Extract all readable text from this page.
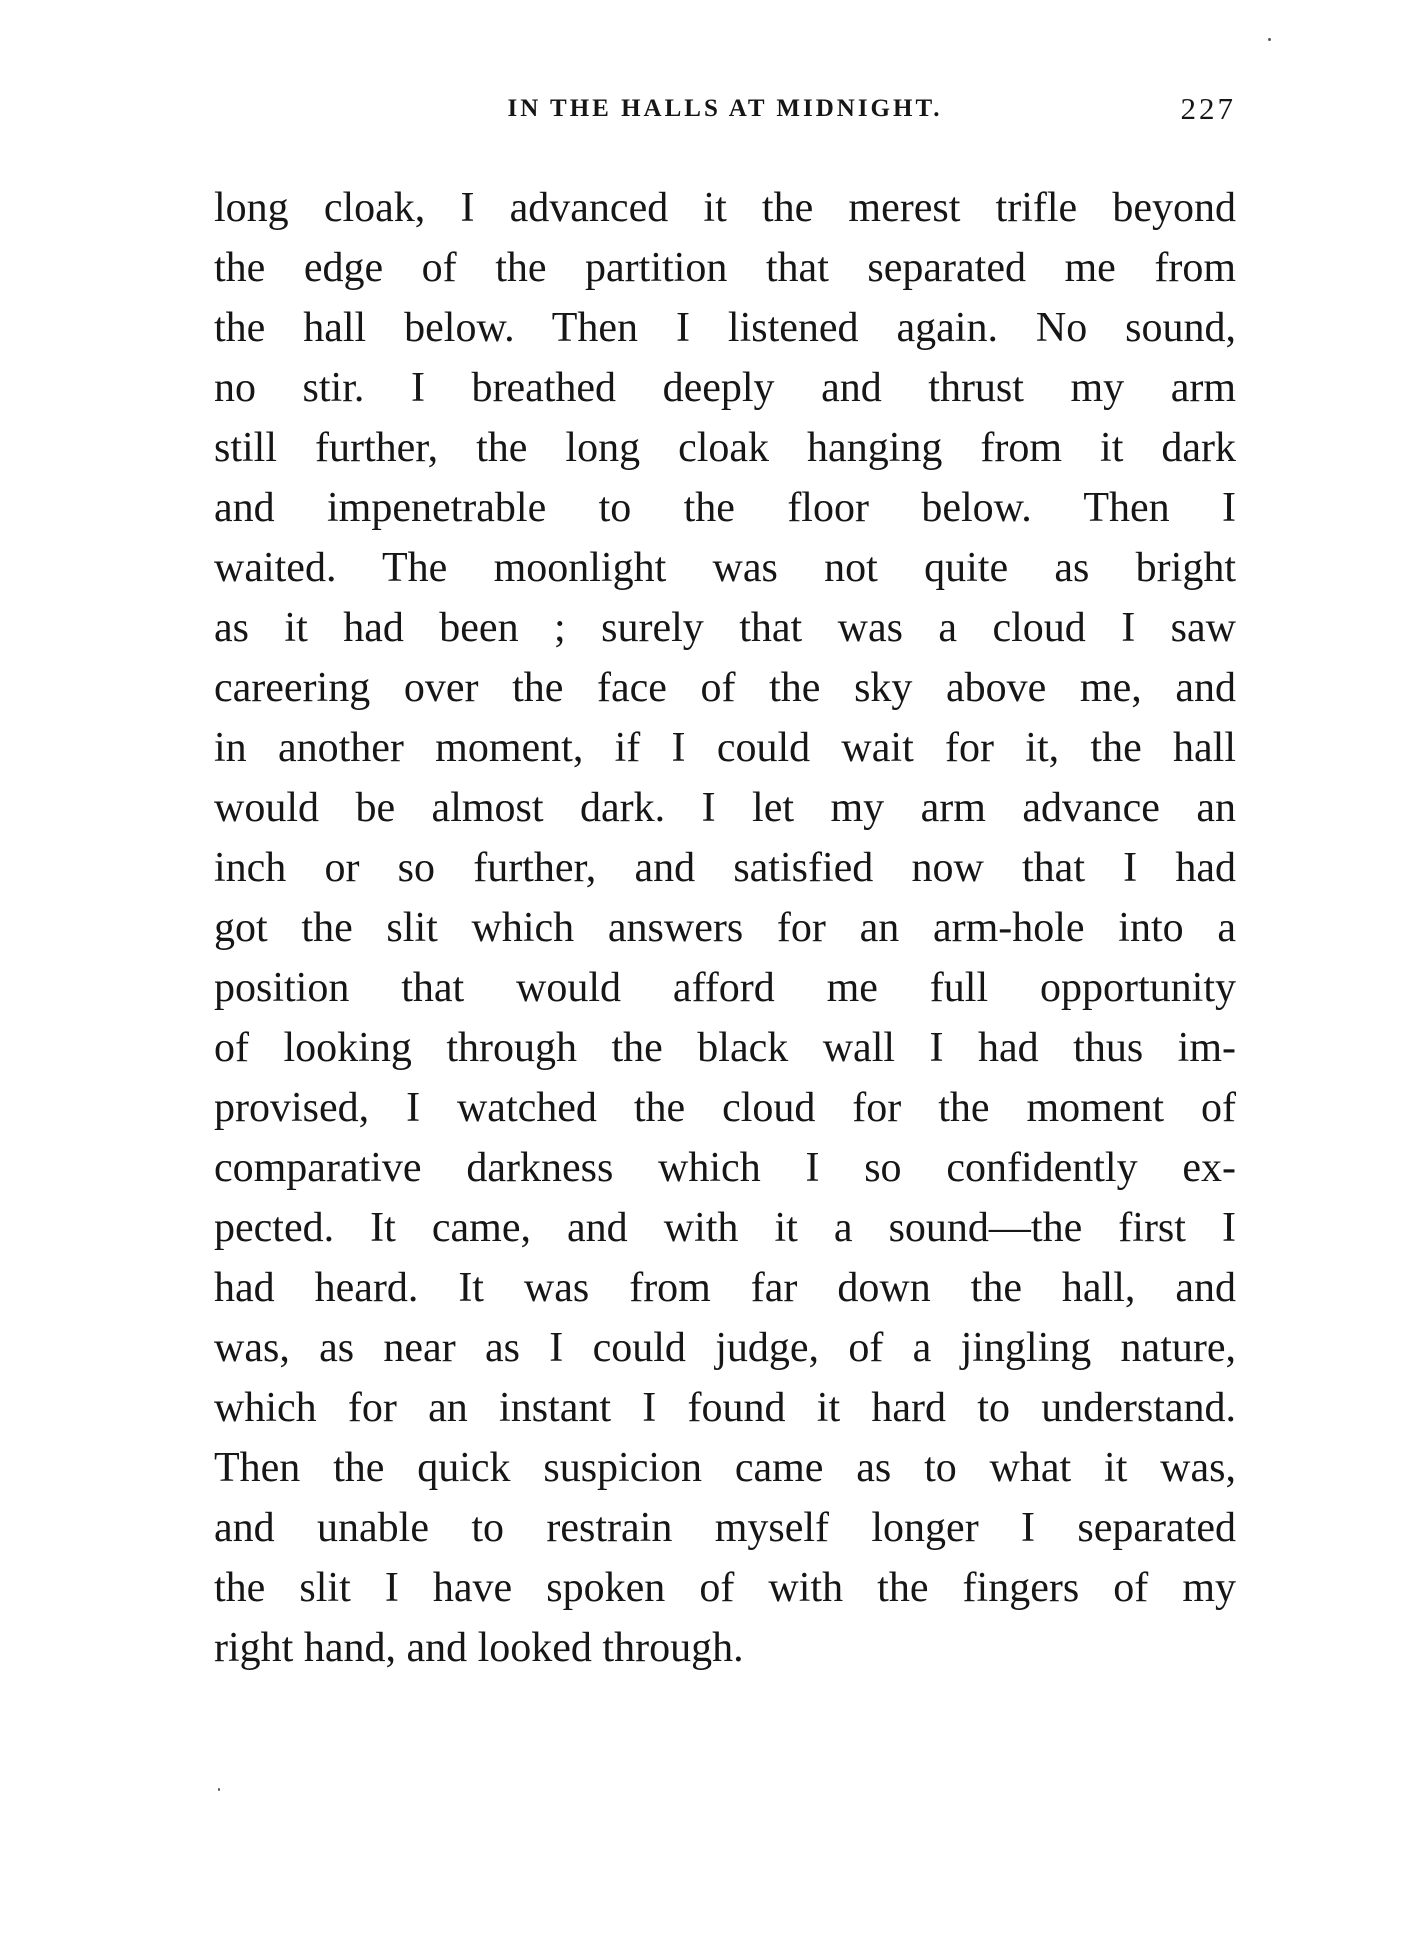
IN THE HALLS AT MIDNIGHT.	227
long cloak, I advanced it the merest trifle beyond
the edge of the partition that separated me from
the hall below. Then I listened again. No sound,
no stir. I breathed deeply and thrust my arm
still further, the long cloak hanging from it dark
and impenetrable to the floor below. Then I
waited. The moonlight was not quite as bright
as it had been ; surely that was a cloud I saw
careering over the face of the sky above me, and
in another moment, if I could wait for it, the hall
would be almost dark. I let my arm advance an
inch or so further, and satisfied now that I had
got the slit which answers for an arm-hole into a
position that would afford me full opportunity
of looking through the black wall I had thus im-
provised, I watched the cloud for the moment of
comparative darkness which I so confidently ex-
pected. It came, and with it a sound—the first I
had heard. It was from far down the hall, and
was, as near as I could judge, of a jingling nature,
which for an instant I found it hard to understand.
Then the quick suspicion came as to what it was,
and unable to restrain myself longer I separated
the slit I have spoken of with the fingers of my
right hand, and looked through.
